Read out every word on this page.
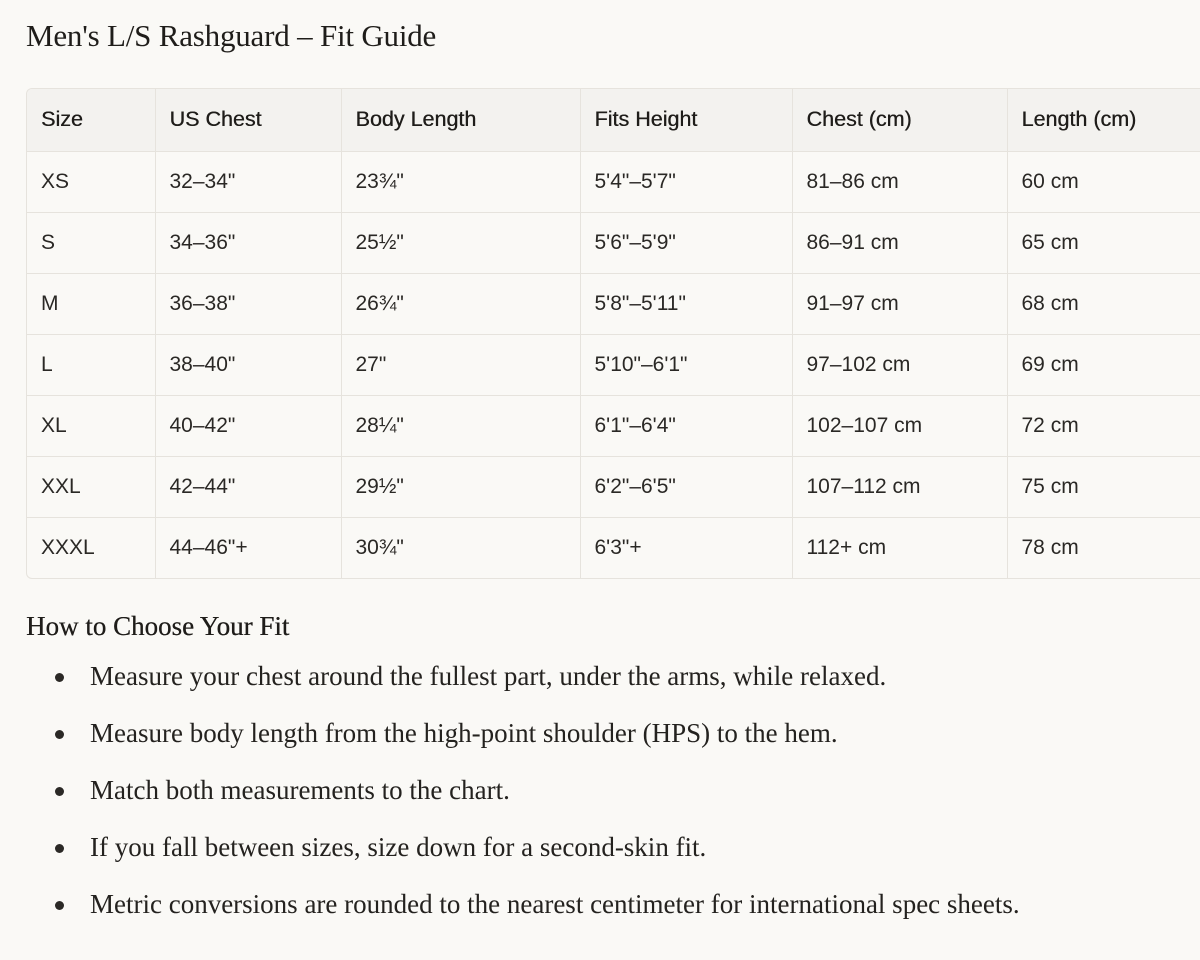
Men's L/S Rashguard – Fit Guide
Size	US Chest	Body Length	Fits Height	Chest (cm)	Length (cm)
XS	32–34"	23¾"	5'4"–5'7"	81–86 cm	60 cm
S	34–36"	25½"	5'6"–5'9"	86–91 cm	65 cm
M	36–38"	26¾"	5'8"–5'11"	91–97 cm	68 cm
L	38–40"	27"	5'10"–6'1"	97–102 cm	69 cm
XL	40–42"	28¼"	6'1"–6'4"	102–107 cm	72 cm
XXL	42–44"	29½"	6'2"–6'5"	107–112 cm	75 cm
XXXL	44–46"+	30¾"	6'3"+	112+ cm	78 cm
How to Choose Your Fit
Measure your chest around the fullest part, under the arms, while relaxed.
Measure body length from the high-point shoulder (HPS) to the hem.
Match both measurements to the chart.
If you fall between sizes, size down for a second-skin fit.
Metric conversions are rounded to the nearest centimeter for international spec sheets.
